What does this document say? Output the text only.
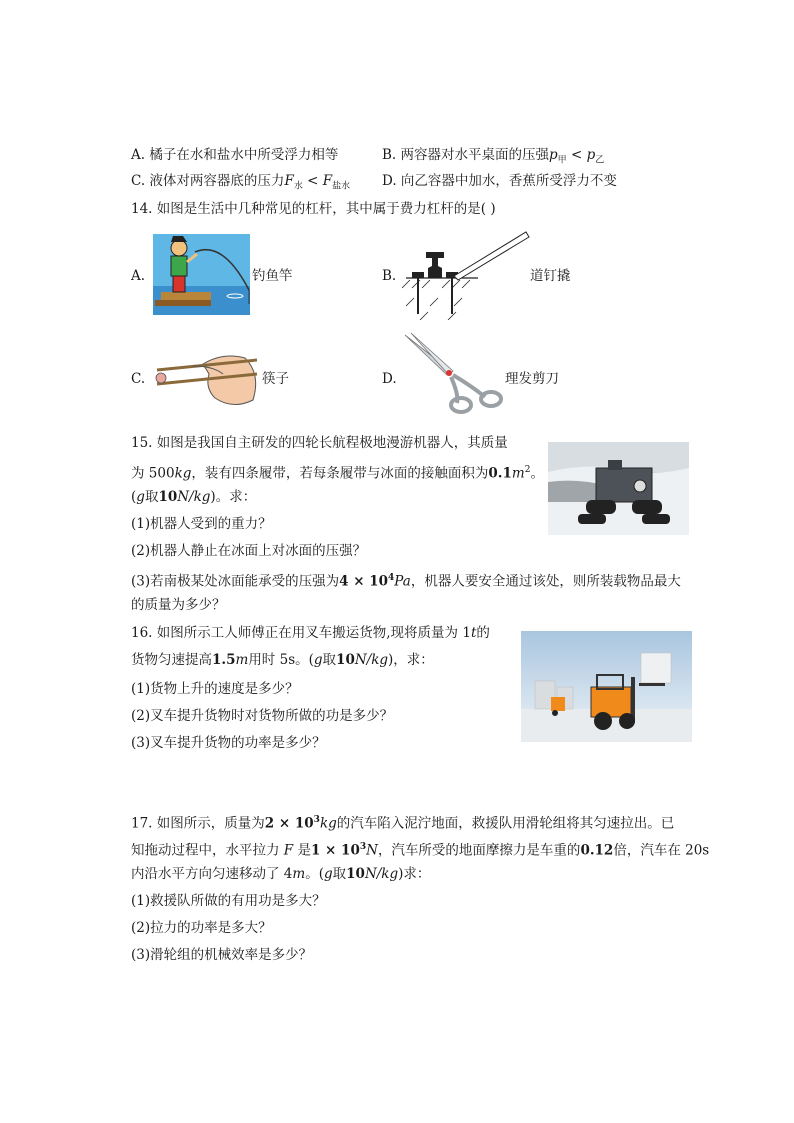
A. 橘子在水和盐水中所受浮力相等	B. 两容器对水平桌面的压强$p_甲 < p_乙$
C. 液体对两容器底的压力$F_水 < F_{盐水}$ D. 向乙容器中加水，香蕉所受浮力不变
14. 如图是生活中几种常见的杠杆，其中属于费力杠杆的是( )
A.	钓鱼竿	B.	道钉撬
C.	筷子	D.	理发剪刀
15. 如图是我国自主研发的四轮长航程极地漫游机器人，其质量
为 500kg，装有四条履带，若每条履带与冰面的接触面积为$0.1m^2$。
(g取10N/kg)。求：
(1)机器人受到的重力？
(2)机器人静止在冰面上对冰面的压强？
(3)若南极某处冰面能承受的压强为$4 \times 10^4Pa$，机器人要安全通过该处，则所装载物品最大
的质量为多少？
16. 如图所示工人师傅正在用叉车搬运货物,现将质量为 1t的
货物匀速提高1.5m用时 5s。(g取10N/kg)，求：
(1)货物上升的速度是多少？
(2)叉车提升货物时对货物所做的功是多少？
(3)叉车提升货物的功率是多少？
17. 如图所示，质量为$2 \times 10^3kg$的汽车陷入泥泞地面，救援队用滑轮组将其匀速拉出。已
知拖动过程中，水平拉力 F 是$1 \times 10^3N$，汽车所受的地面摩擦力是车重的0.12倍，汽车在 20s
内沿水平方向匀速移动了 4m。(g取10N/kg)求：
(1)救援队所做的有用功是多大？
(2)拉力的功率是多大？
(3)滑轮组的机械效率是多少？
